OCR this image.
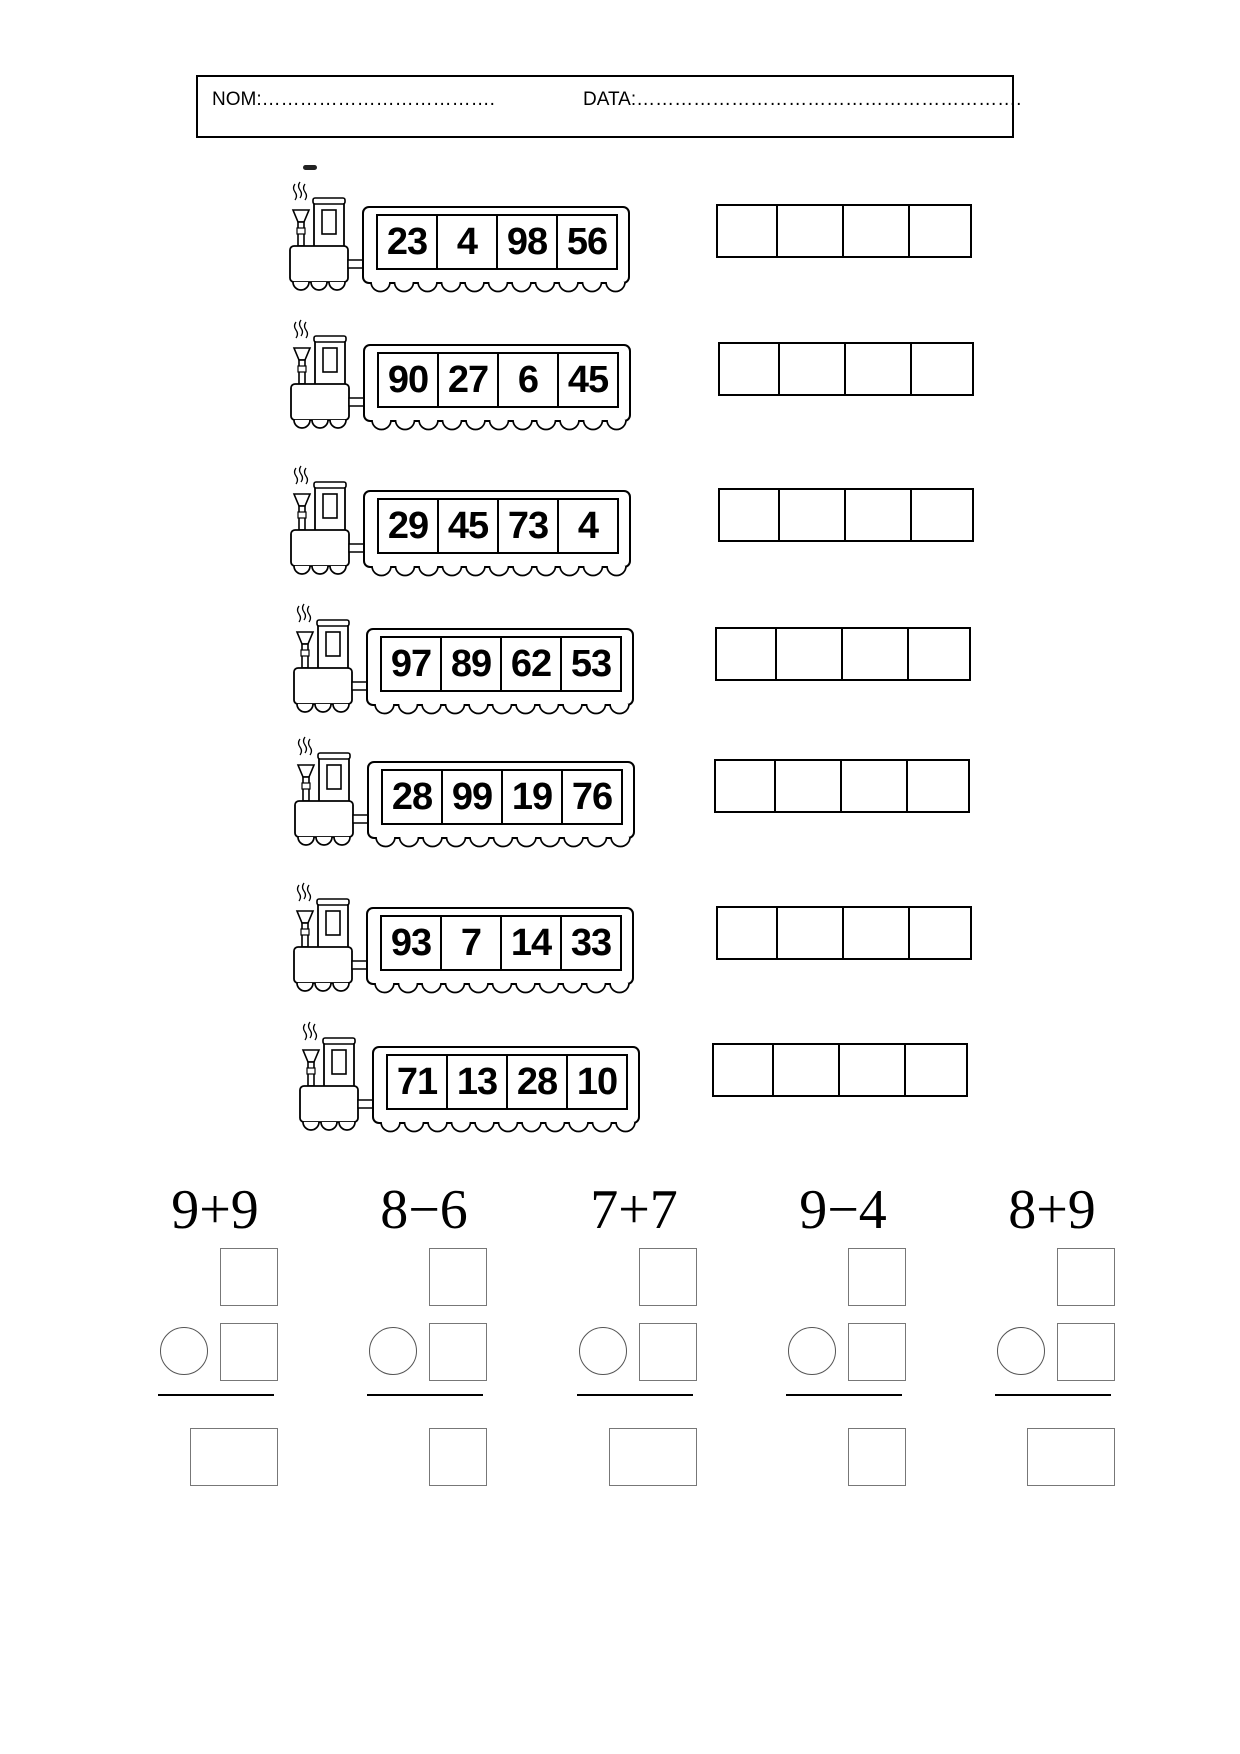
NOM:……………………………….	DATA:…………………………………………………….
23 4 98 56
90 27 6 45
29 45 73 4
97 89 62 53
28 99 19 76
93 7 14 33
71 13 28 10
9+9	8−6	7+7	9−4	8+9
